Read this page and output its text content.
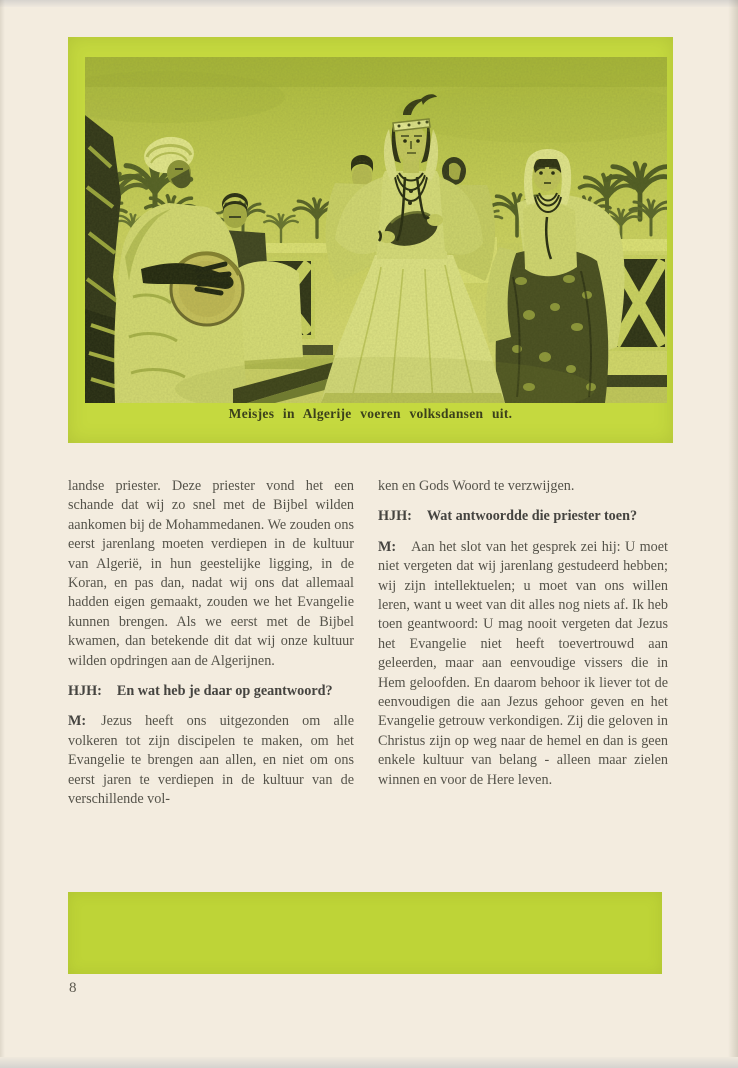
Meisjes in Algerije voeren volksdansen uit.

landse priester. Deze priester vond het een schande dat wij zo snel met de Bijbel wilden aankomen bij de Mohammedanen. We zouden ons eerst jarenlang moeten verdiepen in de kultuur van Algerië, in hun geestelijke ligging, in de Koran, en pas dan, nadat wij ons dat allemaal hadden eigen gemaakt, zouden we het Evangelie kunnen brengen. Als we eerst met de Bijbel kwamen, dan betekende dit dat wij onze kultuur wilden opdringen aan de Algerijnen.

HJH: En wat heb je daar op geantwoord?

M: Jezus heeft ons uitgezonden om alle volkeren tot zijn discipelen te maken, om het Evangelie te brengen aan allen, en niet om ons eerst jaren te verdiepen in de kultuur van de verschillende vol-

ken en Gods Woord te verzwijgen.

HJH: Wat antwoordde die priester toen?

M: Aan het slot van het gesprek zei hij: U moet niet vergeten dat wij jarenlang gestudeerd hebben; wij zijn intellektuelen; u moet van ons willen leren, want u weet van dit alles nog niets af. Ik heb toen geantwoord: U mag nooit vergeten dat Jezus het Evangelie niet heeft toevertrouwd aan geleerden, maar aan eenvoudige vissers die in Hem geloofden. En daarom behoor ik liever tot de eenvoudigen die aan Jezus gehoor geven en het Evangelie getrouw verkondigen. Zij die geloven in Christus zijn op weg naar de hemel en dan is geen enkele kultuur van belang - alleen maar zielen winnen en voor de Here leven.

8
